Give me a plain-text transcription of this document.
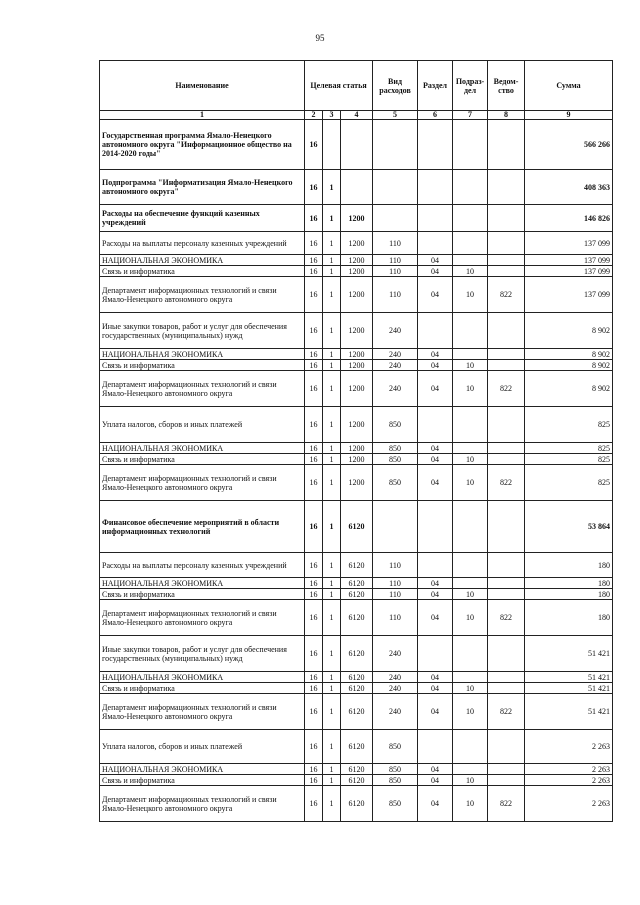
95
Наименование	Целевая статья			Вид расходов	Раздел	Подраз-дел	Ведом-ство	Сумма
1	2	3	4	5	6	7	8	9
Государственная программа Ямало-Ненецкого автономного округа "Информационное общество на 2014-2020 годы"	16							566 266
Подпрограмма "Информатизация Ямало-Ненецкого автономного округа"	16	1						408 363
Расходы на обеспечение функций казенных учреждений	16	1	1200					146 826
Расходы на выплаты персоналу казенных учреждений	16	1	1200	110				137 099
НАЦИОНАЛЬНАЯ ЭКОНОМИКА	16	1	1200	110	04			137 099
Связь и информатика	16	1	1200	110	04	10		137 099
Департамент информационных технологий и связи Ямало-Ненецкого автономного округа	16	1	1200	110	04	10	822	137 099
Иные закупки товаров, работ и услуг для обеспечения государственных (муниципальных) нужд	16	1	1200	240				8 902
НАЦИОНАЛЬНАЯ ЭКОНОМИКА	16	1	1200	240	04			8 902
Связь и информатика	16	1	1200	240	04	10		8 902
Департамент информационных технологий и связи Ямало-Ненецкого автономного округа	16	1	1200	240	04	10	822	8 902
Уплата налогов, сборов и иных платежей	16	1	1200	850				825
НАЦИОНАЛЬНАЯ ЭКОНОМИКА	16	1	1200	850	04			825
Связь и информатика	16	1	1200	850	04	10		825
Департамент информационных технологий и связи Ямало-Ненецкого автономного округа	16	1	1200	850	04	10	822	825
Финансовое обеспечение мероприятий в области информационных технологий	16	1	6120					53 864
Расходы на выплаты персоналу казенных учреждений	16	1	6120	110				180
НАЦИОНАЛЬНАЯ ЭКОНОМИКА	16	1	6120	110	04			180
Связь и информатика	16	1	6120	110	04	10		180
Департамент информационных технологий и связи Ямало-Ненецкого автономного округа	16	1	6120	110	04	10	822	180
Иные закупки товаров, работ и услуг для обеспечения государственных (муниципальных) нужд	16	1	6120	240				51 421
НАЦИОНАЛЬНАЯ ЭКОНОМИКА	16	1	6120	240	04			51 421
Связь и информатика	16	1	6120	240	04	10		51 421
Департамент информационных технологий и связи Ямало-Ненецкого автономного округа	16	1	6120	240	04	10	822	51 421
Уплата налогов, сборов и иных платежей	16	1	6120	850				2 263
НАЦИОНАЛЬНАЯ ЭКОНОМИКА	16	1	6120	850	04			2 263
Связь и информатика	16	1	6120	850	04	10		2 263
Департамент информационных технологий и связи Ямало-Ненецкого автономного округа	16	1	6120	850	04	10	822	2 263
